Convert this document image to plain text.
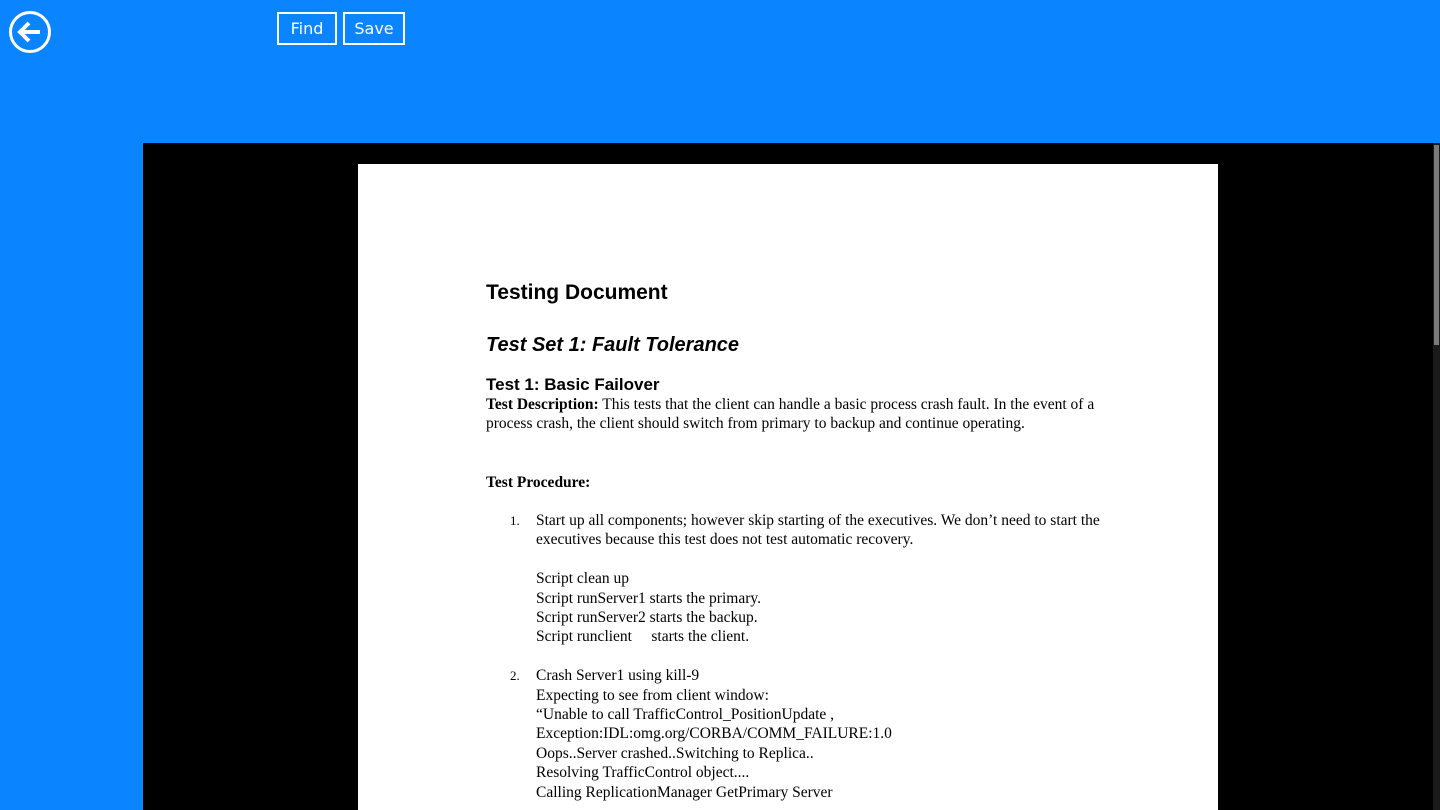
Find	Save
Testing Document
Test Set 1: Fault Tolerance
Test 1: Basic Failover
Test Description: This tests that the client can handle a basic process crash fault. In the event of a process crash, the client should switch from primary to backup and continue operating.
Test Procedure:
1. Start up all components; however skip starting of the executives. We don’t need to start the executives because this test does not test automatic recovery.
Script clean up
Script runServer1 starts the primary.
Script runServer2 starts the backup.
Script runclient     starts the client.
2. Crash Server1 using kill-9
Expecting to see from client window:
“Unable to call TrafficControl_PositionUpdate ,
Exception:IDL:omg.org/CORBA/COMM_FAILURE:1.0
Oops..Server crashed..Switching to Replica..
Resolving TrafficControl object....
Calling ReplicationManager GetPrimary Server
